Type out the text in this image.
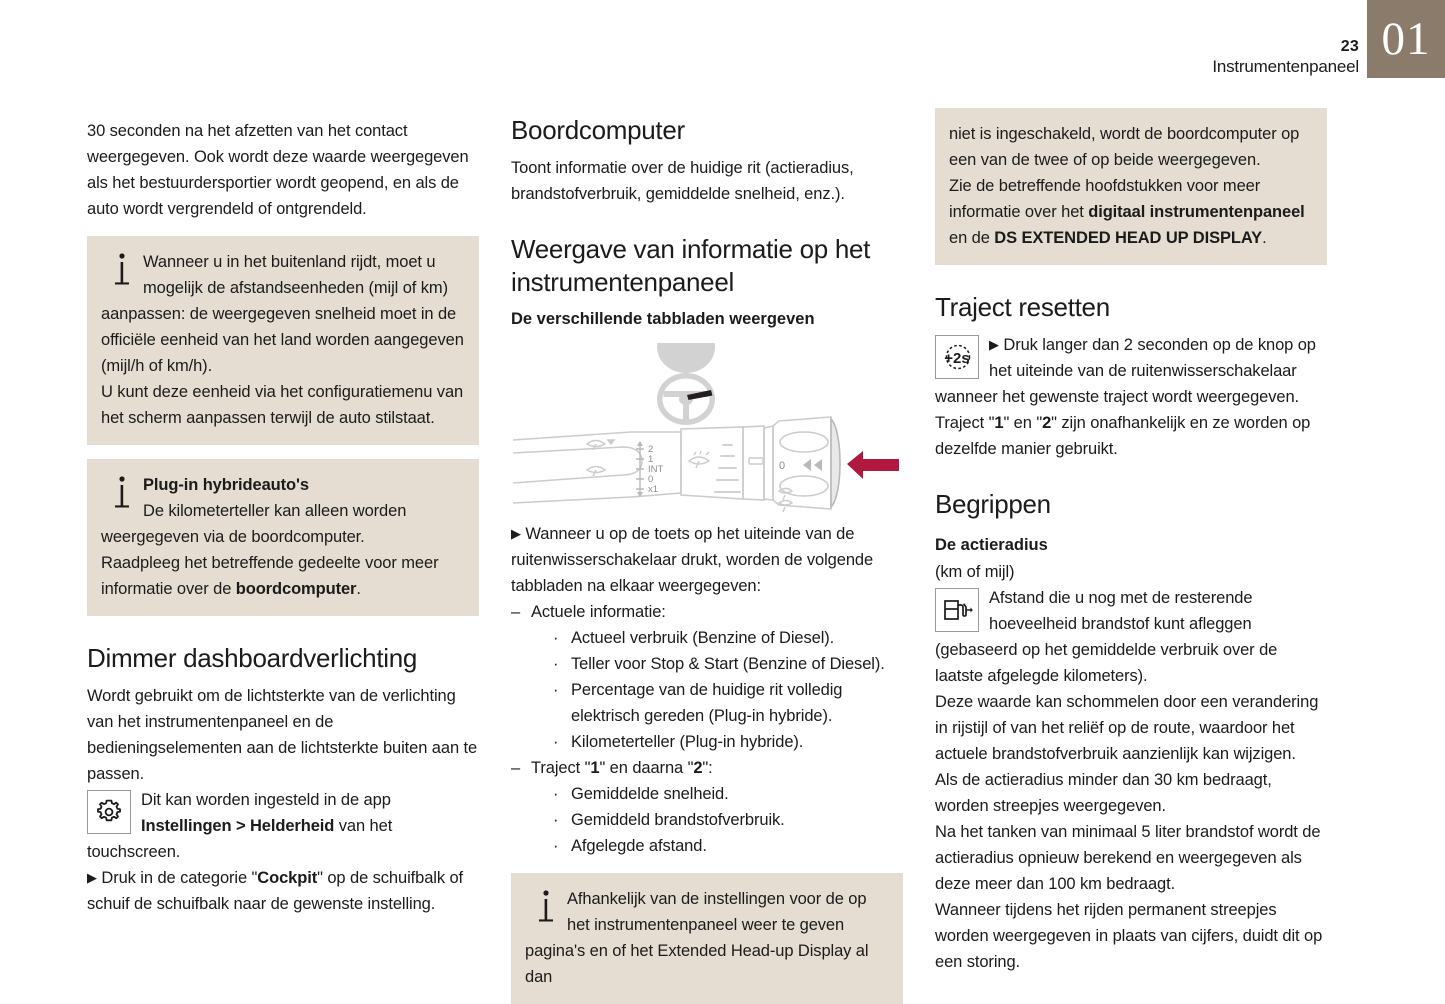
23
Instrumentenpaneel
01

30 seconden na het afzetten van het contact weergegeven. Ook wordt deze waarde weergegeven als het bestuurdersportier wordt geopend, en als de auto wordt vergrendeld of ontgrendeld.

Wanneer u in het buitenland rijdt, moet u
mogelijk de afstandseenheden (mijl of km)
aanpassen: de weergegeven snelheid moet in de officiële eenheid van het land worden aangegeven (mijl/h of km/h).
U kunt deze eenheid via het configuratiemenu van het scherm aanpassen terwijl de auto stilstaat.
Plug-in hybrideauto's
De kilometerteller kan alleen worden
weergegeven via de boordcomputer.
Raadpleeg het betreffende gedeelte voor meer informatie over de boordcomputer.
Dimmer dashboardverlichting

Wordt gebruikt om de lichtsterkte van de verlichting van het instrumentenpaneel en de bedieningselementen aan de lichtsterkte buiten aan te passen.

Dit kan worden ingesteld in de app
Instellingen > Helderheid van het
touchscreen.
▶ Druk in de categorie "Cockpit" op de schuifbalk of schuif de schuifbalk naar de gewenste instelling.
Boordcomputer

Toont informatie over de huidige rit (actieradius, brandstofverbruik, gemiddelde snelheid, enz.).

Weergave van informatie op het instrumentenpaneel
De verschillende tabbladen weergeven
2
1
INT
0
x1
0
▶ Wanneer u op de toets op het uiteinde van de ruitenwisserschakelaar drukt, worden de volgende tabbladen na elkaar weergegeven:
– Actuele informatie:
· Actueel verbruik (Benzine of Diesel).
· Teller voor Stop & Start (Benzine of Diesel).
· Percentage van de huidige rit volledig elektrisch gereden (Plug-in hybride).
· Kilometerteller (Plug-in hybride).
– Traject "1" en daarna "2":
· Gemiddelde snelheid.
· Gemiddeld brandstofverbruik.
· Afgelegde afstand.
Afhankelijk van de instellingen voor de op
het instrumentenpaneel weer te geven
pagina's en of het Extended Head-up Display al dan
niet is ingeschakeld, wordt de boordcomputer op een van de twee of op beide weergegeven.
Zie de betreffende hoofdstukken voor meer informatie over het digitaal instrumentenpaneel en de DS EXTENDED HEAD UP DISPLAY.
Traject resetten
+2s
▶ Druk langer dan 2 seconden op de knop op
het uiteinde van de ruitenwisserschakelaar
wanneer het gewenste traject wordt weergegeven.
Traject "1" en "2" zijn onafhankelijk en ze worden op dezelfde manier gebruikt.
Begrippen
De actieradius
(km of mijl)
Afstand die u nog met de resterende
hoeveelheid brandstof kunt afleggen
(gebaseerd op het gemiddelde verbruik over de laatste afgelegde kilometers).

Deze waarde kan schommelen door een verandering in rijstijl of van het reliëf op de route, waardoor het actuele brandstofverbruik aanzienlijk kan wijzigen.

Als de actieradius minder dan 30 km bedraagt, worden streepjes weergegeven.

Na het tanken van minimaal 5 liter brandstof wordt de actieradius opnieuw berekend en weergegeven als deze meer dan 100 km bedraagt.

Wanneer tijdens het rijden permanent streepjes worden weergegeven in plaats van cijfers, duidt dit op een storing.
